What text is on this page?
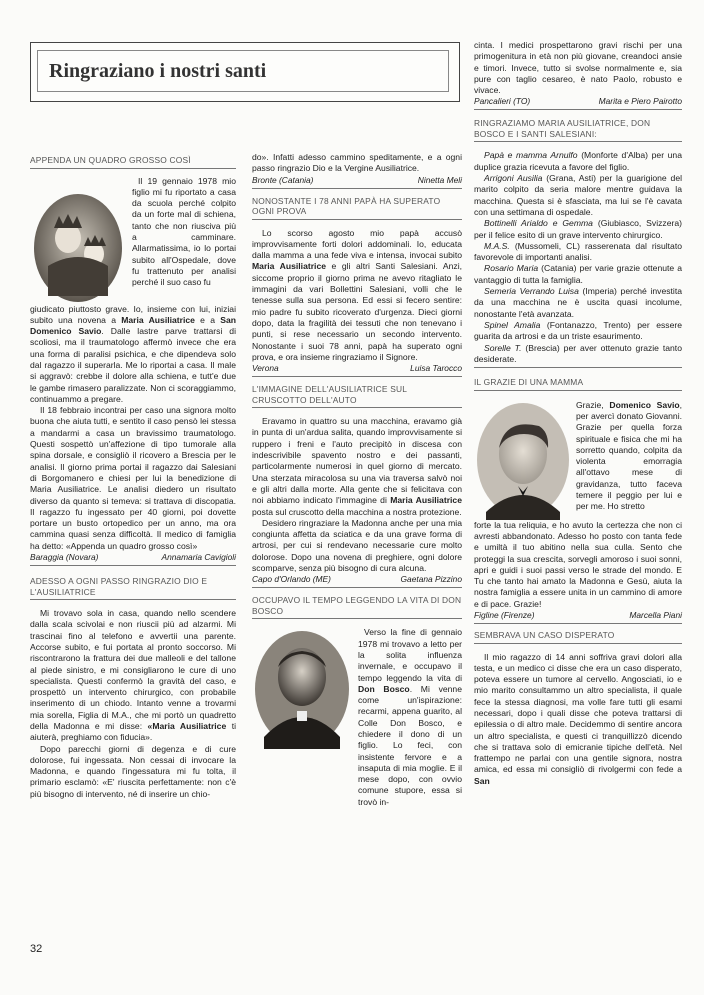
Ringraziano i nostri santi

APPENDA UN QUADRO GROSSO COSÌ

Il 19 gennaio 1978 mio figlio mi fu riportato a casa da scuola perché colpito da un forte mal di schiena, tanto che non riusciva più a camminare. Allarmatissima, io lo portai subito all'Ospedale, dove fu trattenuto per analisi perché il suo caso fu

giudicato piuttosto grave. Io, insieme con lui, iniziai subito una novena a Maria Ausiliatrice e a San Domenico Savio. Dalle lastre parve trattarsi di scoliosi, ma il traumatologo affermò invece che era una forma di paralisi psichica, e che dipendeva solo dal ragazzo il superarla. Me lo riportai a casa. Il male si aggravò: crebbe il dolore alla schiena, e tutt'e due le gambe rimasero paralizzate. Non ci scoraggiammo, continuammo a pregare.

Il 18 febbraio incontrai per caso una signora molto buona che aiuta tutti, e sentito il caso pensò lei stessa a mandarmi a casa un bravissimo traumatologo. Questi sospettò un'affezione di tipo tumorale alla spina dorsale, e consigliò il ricovero a Brescia per le analisi. Il giorno prima portai il ragazzo dai Salesiani di Borgomanero e chiesi per lui la benedizione di Maria Ausiliatrice. Le analisi diedero un risultato diverso da quanto si temeva: si trattava di discopatia. Il ragazzo fu ingessato per 40 giorni, poi dovette portare un busto ortopedico per un anno, ma ora cammina quasi senza difficoltà. Il medico di famiglia ha detto: «Appenda un quadro grosso così»

Baraggia (Novara)	Annamaria Cavigioli

ADESSO A OGNI PASSO RINGRAZIO DIO E L'AUSILIATRICE

Mi trovavo sola in casa, quando nello scendere dalla scala scivolai e non riuscii più ad alzarmi. Mi trascinai fino al telefono e avvertii una parente. Accorse subito, e fui portata al pronto soccorso. Mi riscontrarono la frattura dei due malleoli e del tallone al piede sinistro, e mi consigliarono le cure di uno specialista. Questi confermò la gravità del caso, e prospettò un intervento chirurgico, con probabile inserimento di un chiodo. Intanto venne a trovarmi mia sorella, Figlia di M.A., che mi portò un quadretto della Madonna e mi disse: «Maria Ausiliatrice ti aiuterà, preghiamo con fiducia».

Dopo parecchi giorni di degenza e di cure dolorose, fui ingessata. Non cessai di invocare la Madonna, e quando l'ingessatura mi fu tolta, il primario esclamò: «E' riuscita perfettamente: non c'è più bisogno di intervento, né di inserire un chio-

do». Infatti adesso cammino speditamente, e a ogni passo ringrazio Dio e la Vergine Ausiliatrice.

Bronte (Catania)	Ninetta Meli

NONOSTANTE I 78 ANNI PAPÀ HA SUPERATO OGNI PROVA

Lo scorso agosto mio papà accusò improvvisamente forti dolori addominali. Io, educata dalla mamma a una fede viva e intensa, invocai subito Maria Ausiliatrice e gli altri Santi Salesiani. Anzi, siccome proprio il giorno prima ne avevo ritagliato le immagini da vari Bollettini Salesiani, volli che le tenesse sulla sua persona. Ed essi si fecero sentire: mio padre fu subito ricoverato d'urgenza. Dieci giorni dopo, data la fragilità dei tessuti che non tenevano i punti, si rese necessario un secondo intervento. Nonostante i suoi 78 anni, papà ha superato ogni prova, e ora insieme ringraziamo il Signore.

Verona	Luisa Tarocco

L'IMMAGINE DELL'AUSILIATRICE SUL CRUSCOTTO DELL'AUTO

Eravamo in quattro su una macchina, eravamo già in punta di un'ardua salita, quando improvvisamente si ruppero i freni e l'auto precipitò in discesa con indescrivibile spavento nostro e dei passanti, particolarmente numerosi in quel giorno di mercato. Una sterzata miracolosa su una via traversa salvò noi e gli altri dalla morte. Alla gente che si felicitava con noi abbiamo indicato l'immagine di Maria Ausiliatrice posta sul cruscotto della macchina a nostra protezione.

Desidero ringraziare la Madonna anche per una mia congiunta affetta da sciatica e da una grave forma di artrosi, per cui si rendevano necessarie cure molto dolorose. Dopo una novena di preghiere, ogni dolore scomparve, senza più bisogno di cura alcuna.

Capo d'Orlando (ME)	Gaetana Pizzino

OCCUPAVO IL TEMPO LEGGENDO LA VITA DI DON BOSCO

Verso la fine di gennaio 1978 mi trovavo a letto per la solita influenza invernale, e occupavo il tempo leggendo la vita di Don Bosco. Mi venne come un'ispirazione: recarmi, appena guarito, al Colle Don Bosco, e chiedere il dono di un figlio. Lo feci, con insistente fervore e a insaputa di mia moglie. E il mese dopo, con ovvio comune stupore, essa si trovò in-

cinta. I medici prospettarono gravi rischi per una primogenitura in età non più giovane, creandoci ansie e timori. Invece, tutto si svolse normalmente e, sia pure con taglio cesareo, è nato Paolo, robusto e vivace.

Pancalieri (TO)	Marita e Piero Pairotto

RINGRAZIAMO MARIA AUSILIATRICE, DON BOSCO E I SANTI SALESIANI:

Papà e mamma Arnulfo (Monforte d'Alba) per una duplice grazia ricevuta a favore del figlio.

Arrigoni Ausilia (Grana, Asti) per la guarigione del marito colpito da seria malore mentre guidava la macchina. Questa si è sfasciata, ma lui se l'è cavata con una settimana di ospedale.

Bottinelli Arialdo e Gemma (Giubiasco, Svizzera) per il felice esito di un grave intervento chirurgico.

M.A.S. (Mussomeli, CL) rasserenata dal risultato favorevole di importanti analisi.

Rosario Maria (Catania) per varie grazie ottenute a vantaggio di tutta la famiglia.

Semeria Verrando Luisa (Imperia) perché investita da una macchina ne è uscita quasi incolume, nonostante l'età avanzata.

Spinel Amalia (Fontanazzo, Trento) per essere guarita da artrosi e da un triste esaurimento.

Sorelle T. (Brescia) per aver ottenuto grazie tanto desiderate.

IL GRAZIE DI UNA MAMMA

Grazie, Domenico Savio, per avercì donato Giovanni. Grazie per quella forza spirituale e fisica che mi ha sorretto quando, colpita da violenta emorragia all'ottavo mese di gravidanza, tutto faceva temere il peggio per lui e per me. Ho stretto

forte la tua reliquia, e ho avuto la certezza che non ci avresti abbandonato. Adesso ho posto con tanta fede e umiltà il tuo abitino nella sua culla. Sento che proteggi la sua crescita, sorvegli amoroso i suoi sonni, apri e guidi i suoi passi verso le strade del mondo. E Tu che tanto hai amato la Madonna e Gesù, aiuta la nostra famiglia a essere unita in un cammino di amore e di pace. Grazie!

Figline (Firenze)	Marcella Piani

SEMBRAVA UN CASO DISPERATO

Il mio ragazzo di 14 anni soffriva gravi dolori alla testa, e un medico ci disse che era un caso disperato, poteva essere un tumore al cervello. Angosciati, io e mio marito consultammo un altro specialista, il quale fece la stessa diagnosi, ma volle fare tutti gli esami necessari, dopo i quali disse che poteva trattarsi di epilessia o di altro male. Decidemmo di sentire ancora un altro specialista, e questi ci tranquillizzò dicendo che si trattava solo di emicranie tipiche dell'età. Nel frattempo ne parlai con una gentile signora, nostra amica, ed essa mi consigliò di rivolgermi con fede a San

32
